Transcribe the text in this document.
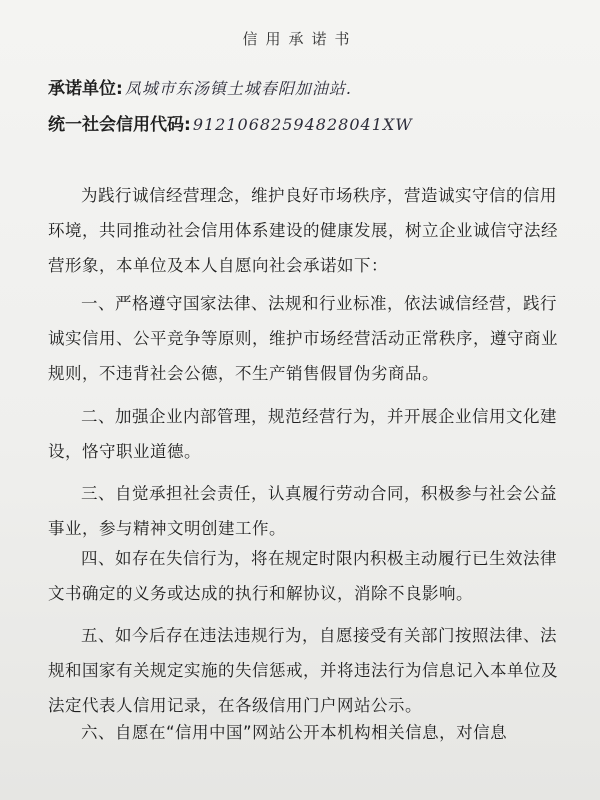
信用承诺书
承诺单位: 凤城市东汤镇土城春阳加油站.
统一社会信用代码: 91210682594828041XW
为践行诚信经营理念，维护良好市场秩序，营造诚实守信的信用环境，共同推动社会信用体系建设的健康发展，树立企业诚信守法经营形象，本单位及本人自愿向社会承诺如下：
一、严格遵守国家法律、法规和行业标准，依法诚信经营，践行诚实信用、公平竞争等原则，维护市场经营活动正常秩序，遵守商业规则，不违背社会公德，不生产销售假冒伪劣商品。
二、加强企业内部管理，规范经营行为，并开展企业信用文化建设，恪守职业道德。
三、自觉承担社会责任，认真履行劳动合同，积极参与社会公益事业，参与精神文明创建工作。
四、如存在失信行为，将在规定时限内积极主动履行已生效法律文书确定的义务或达成的执行和解协议，消除不良影响。
五、如今后存在违法违规行为，自愿接受有关部门按照法律、法规和国家有关规定实施的失信惩戒，并将违法行为信息记入本单位及法定代表人信用记录，在各级信用门户网站公示。
六、自愿在“信用中国”网站公开本机构相关信息，对信息
